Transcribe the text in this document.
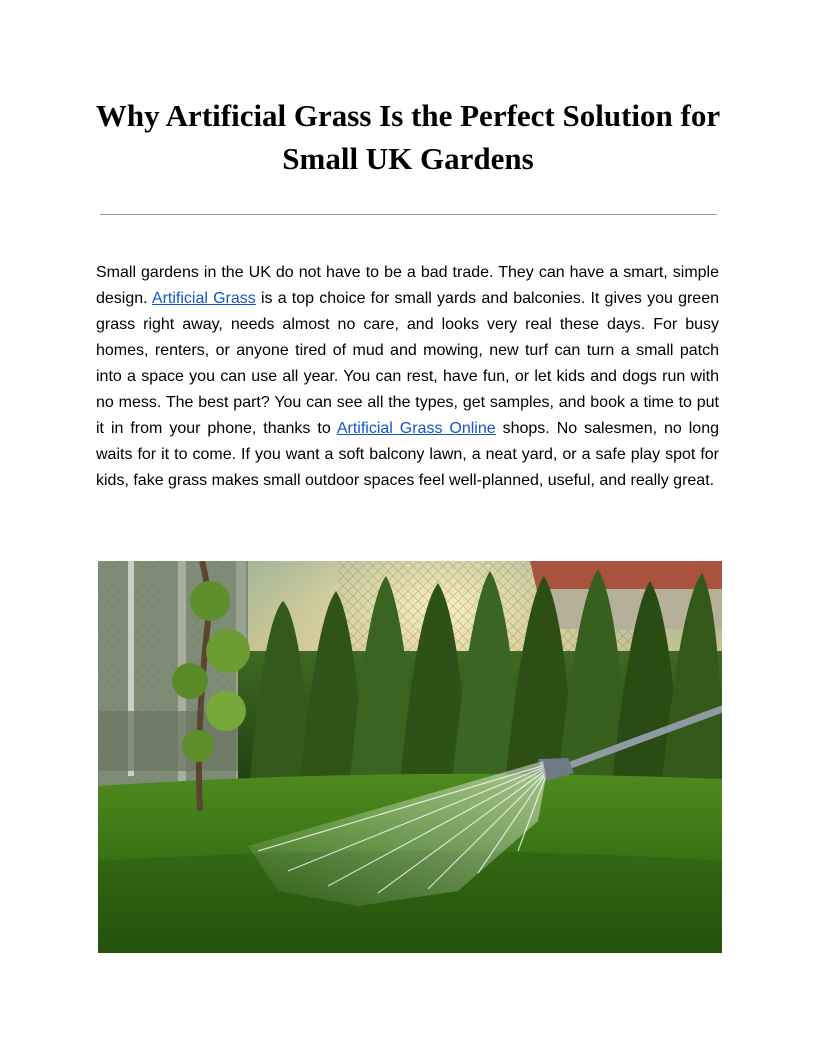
Why Artificial Grass Is the Perfect Solution for Small UK Gardens

Small gardens in the UK do not have to be a bad trade. They can have a smart, simple design. Artificial Grass is a top choice for small yards and balconies. It gives you green grass right away, needs almost no care, and looks very real these days. For busy homes, renters, or anyone tired of mud and mowing, new turf can turn a small patch into a space you can use all year. You can rest, have fun, or let kids and dogs run with no mess. The best part? You can see all the types, get samples, and book a time to put it in from your phone, thanks to Artificial Grass Online shops. No salesmen, no long waits for it to come. If you want a soft balcony lawn, a neat yard, or a safe play spot for kids, fake grass makes small outdoor spaces feel well-planned, useful, and really great.
